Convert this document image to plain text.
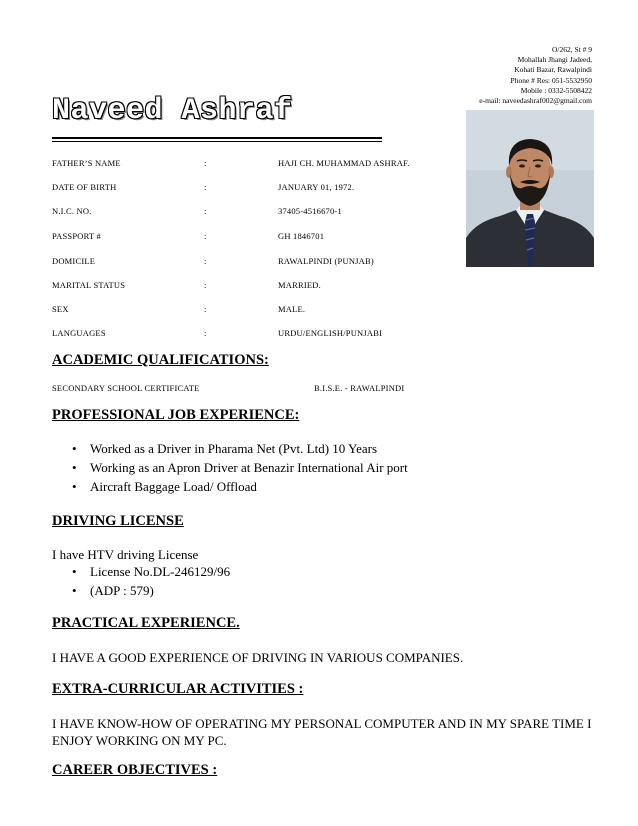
O/262, St # 9
Mohallah Jhangi Jadeed,
Kohati Bazar, Rawalpindi
Phone # Res: 051-5532950
Mobile : 0332-5508422
e-mail: naveedashraf002@gmail.com
Naveed Ashraf
FATHER’S NAME	:	HAJI CH. MUHAMMAD ASHRAF.
DATE OF BIRTH	:	JANUARY 01, 1972.
N.I.C. NO.	:	37405-4516670-1
PASSPORT #	:	GH 1846701
DOMICILE	:	RAWALPINDI (PUNJAB)
MARITAL STATUS	:	MARRIED.
SEX	:	MALE.
LANGUAGES	:	URDU/ENGLISH/PUNJABI
ACADEMIC QUALIFICATIONS:
SECONDARY SCHOOL CERTIFICATE	B.I.S.E. - RAWALPINDI
PROFESSIONAL JOB EXPERIENCE:
• Worked as a Driver in Pharama Net (Pvt. Ltd) 10 Years
• Working as an Apron Driver at Benazir International Air port
• Aircraft Baggage Load/ Offload
DRIVING LICENSE
I have HTV driving License
• License No.DL-246129/96
• (ADP : 579)
PRACTICAL EXPERIENCE.
I HAVE A GOOD EXPERIENCE OF DRIVING IN VARIOUS COMPANIES.
EXTRA-CURRICULAR ACTIVITIES :
I HAVE KNOW-HOW OF OPERATING MY PERSONAL COMPUTER AND IN MY SPARE TIME I ENJOY WORKING ON MY PC.
CAREER OBJECTIVES :
